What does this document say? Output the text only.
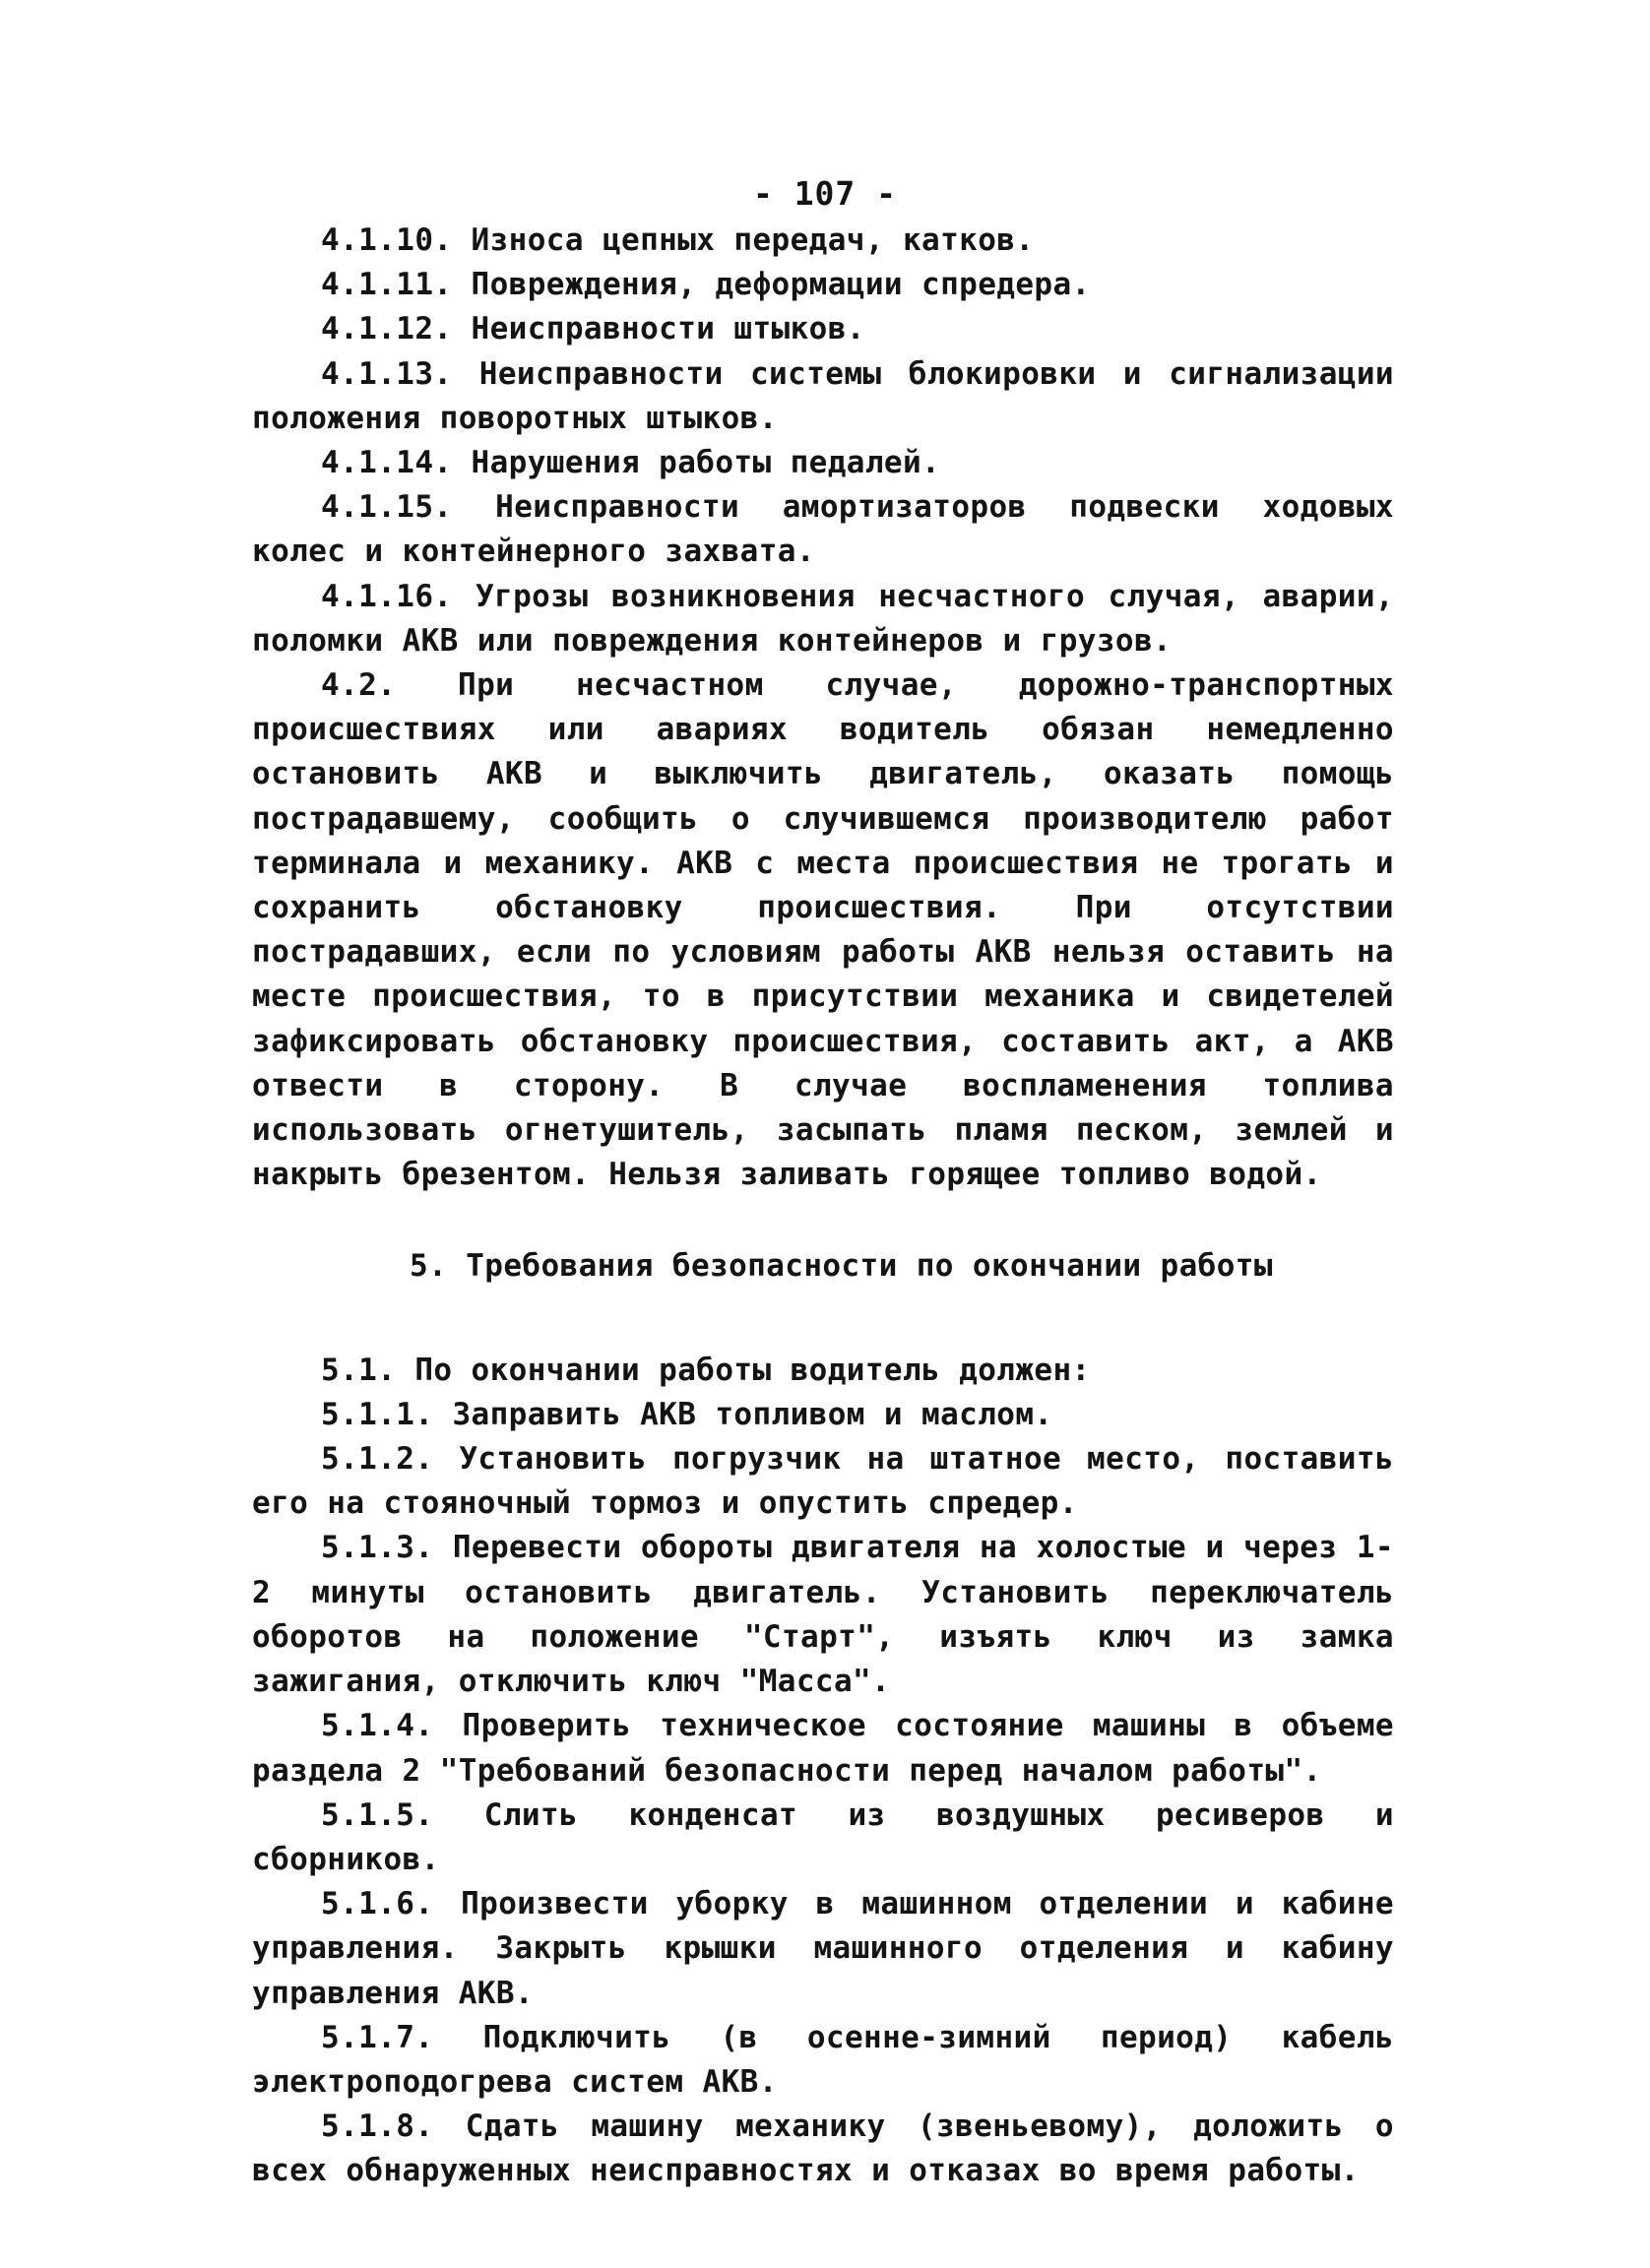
- 107 -

4.1.10. Износа цепных передач, катков.

4.1.11. Повреждения, деформации спредера.

4.1.12. Неисправности штыков.

4.1.13. Неисправности системы блокировки и сигнализации положения поворотных штыков.

4.1.14. Нарушения работы педалей.

4.1.15. Неисправности амортизаторов подвески ходовых колес и контейнерного захвата.

4.1.16. Угрозы возникновения несчастного случая, аварии, поломки АКВ или повреждения контейнеров и грузов.

4.2. При несчастном случае, дорожно-транспортных происшествиях или авариях водитель обязан немедленно остановить АКВ и выключить двигатель, оказать помощь пострадавшему, сообщить о случившемся производителю работ терминала и механику. АКВ с места происшествия не трогать и сохранить обстановку происшествия. При отсутствии пострадавших, если по условиям работы АКВ нельзя оставить на месте происшествия, то в присутствии механика и свидетелей зафиксировать обстановку происшествия, составить акт, а АКВ отвести в сторону. В случае воспламенения топлива использовать огнетушитель, засыпать пламя песком, землей и накрыть брезентом. Нельзя заливать горящее топливо водой.

5. Требования безопасности по окончании работы

5.1. По окончании работы водитель должен:

5.1.1. Заправить АКВ топливом и маслом.

5.1.2. Установить погрузчик на штатное место, поставить его на стояночный тормоз и опустить спредер.

5.1.3. Перевести обороты двигателя на холостые и через 1-2 минуты остановить двигатель. Установить переключатель оборотов на положение "Старт", изъять ключ из замка зажигания, отключить ключ "Масса".

5.1.4. Проверить техническое состояние машины в объеме раздела 2 "Требований безопасности перед началом работы".

5.1.5. Слить конденсат из воздушных ресиверов и сборников.

5.1.6. Произвести уборку в машинном отделении и кабине управления. Закрыть крышки машинного отделения и кабину управления АКВ.

5.1.7. Подключить (в осенне-зимний период) кабель электроподогрева систем АКВ.

5.1.8. Сдать машину механику (звеньевому), доложить о всех обнаруженных неисправностях и отказах во время работы.
